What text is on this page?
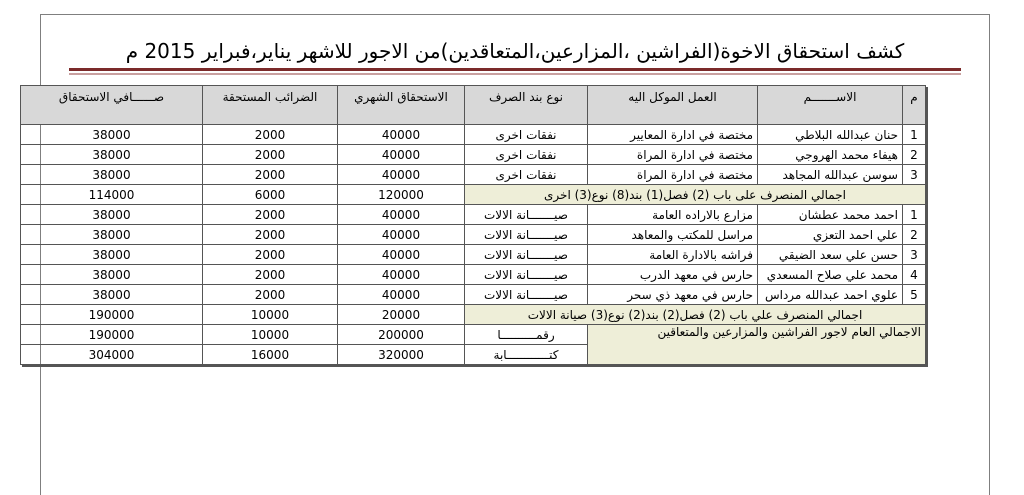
كشف استحقاق الاخوة(الفراشين ،المزارعين،المتعاقدين)من الاجور للاشهر يناير،فبراير 2015 م
م	الاســـــــم	العمل الموكل اليه	نوع بند الصرف	الاستحقاق الشهري	الضرائب المستحقة	صــــــافي الاستحقاق
1	حنان عبدالله البلاطي	مختصة في ادارة المعايير	نفقات اخرى	40000	2000	38000
2	هيفاء محمد الهروجي	مختصة في ادارة المراة	نفقات اخرى	40000	2000	38000
3	سوسن عبدالله المجاهد	مختصة في ادارة المراة	نفقات اخرى	40000	2000	38000
اجمالي المنصرف على باب (2) فصل(1) بند(8) نوع(3) اخرى				120000	6000	114000
1	احمد محمد عطشان	مزارع بالاراده العامة	صيـــــــانة الالات	40000	2000	38000
2	علي احمد التعزي	مراسل للمكتب والمعاهد	صيـــــــانة الالات	40000	2000	38000
3	حسن علي سعد الضيقي	فراشه بالادارة العامة	صيـــــــانة الالات	40000	2000	38000
4	محمد علي صلاح المسعدي	حارس في معهد الدرب	صيـــــــانة الالات	40000	2000	38000
5	علوي احمد عبدالله مرداس	حارس في معهد ذي سحر	صيـــــــانة الالات	40000	2000	38000
اجمالي المنصرف علي باب (2) فصل(2) بند(2) نوع(3) صيانة الالات				20000	10000	190000
الاجمالي العام لاجور الفراشين والمزارعين والمتعاقين			رقمــــــــــا	200000	10000	190000
			كتــــــــــــابة	320000	16000	304000
